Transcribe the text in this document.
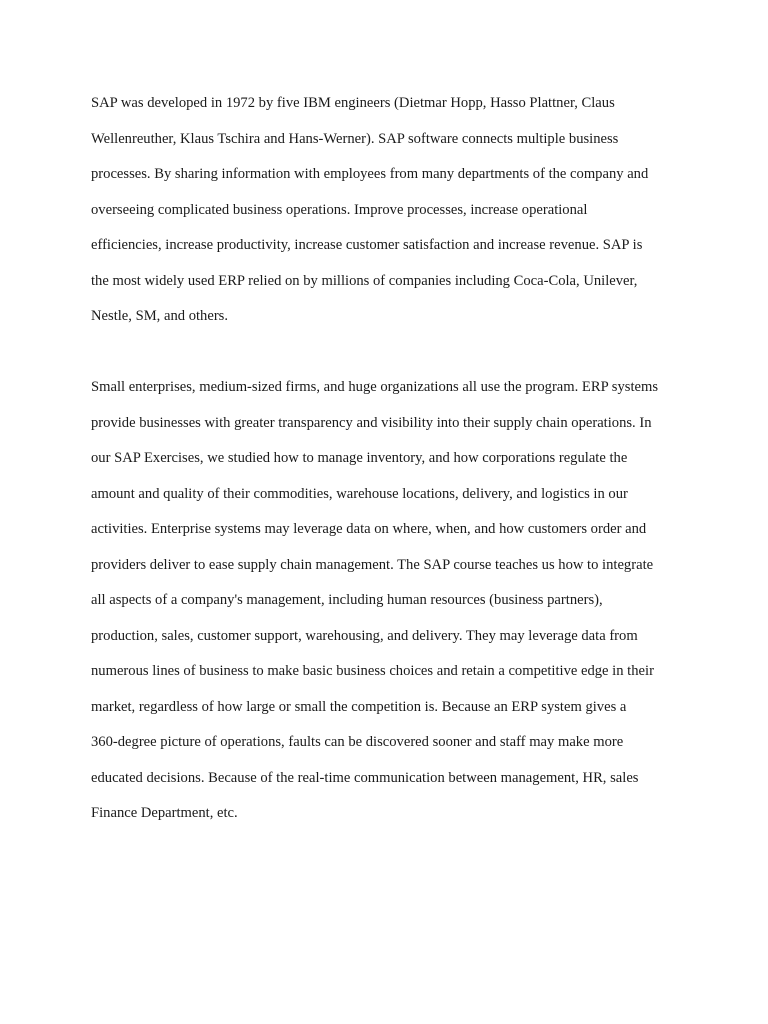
SAP was developed in 1972 by five IBM engineers (Dietmar Hopp, Hasso Plattner, Claus
Wellenreuther, Klaus Tschira and Hans-Werner). SAP software connects multiple business
processes. By sharing information with employees from many departments of the company and
overseeing complicated business operations. Improve processes, increase operational
efficiencies, increase productivity, increase customer satisfaction and increase revenue. SAP is
the most widely used ERP relied on by millions of companies including Coca-Cola, Unilever,
Nestle, SM, and others.
Small enterprises, medium-sized firms, and huge organizations all use the program. ERP systems
provide businesses with greater transparency and visibility into their supply chain operations. In
our SAP Exercises, we studied how to manage inventory, and how corporations regulate the
amount and quality of their commodities, warehouse locations, delivery, and logistics in our
activities. Enterprise systems may leverage data on where, when, and how customers order and
providers deliver to ease supply chain management. The SAP course teaches us how to integrate
all aspects of a company's management, including human resources (business partners),
production, sales, customer support, warehousing, and delivery. They may leverage data from
numerous lines of business to make basic business choices and retain a competitive edge in their
market, regardless of how large or small the competition is. Because an ERP system gives a
360-degree picture of operations, faults can be discovered sooner and staff may make more
educated decisions. Because of the real-time communication between management, HR, sales
Finance Department, etc.
